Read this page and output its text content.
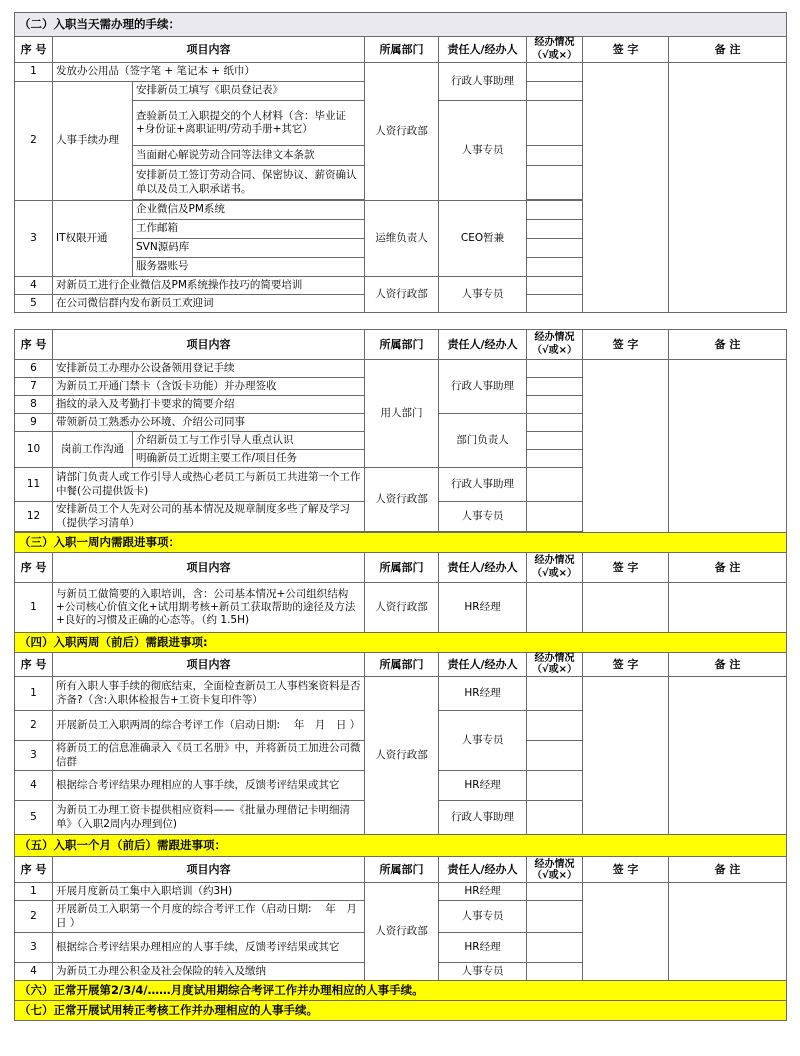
（二）入职当天需办理的手续：							
序 号	项目内容		所属部门	责任人/经办人	经办情况
（√或×）	签 字	备 注
1	发放办公用品（签字笔 + 笔记本 + 纸巾）		人资行政部	行政人事助理			
2	人事手续办理	安排新员工填写《职员登记表》					
		查验新员工入职提交的个人材料（含：毕业证+身份证+离职证明/劳动手册+其它）		人事专员			
		当面耐心解说劳动合同等法律文本条款					
		安排新员工签订劳动合同、保密协议、薪资确认单以及员工入职承诺书。					

3	IT权限开通	企业微信及PM系统	运维负责人	CEO暂兼			
		工作邮箱					
		SVN源码库					
		服务器账号					
4	对新员工进行企业微信及PM系统操作技巧的简要培训		人资行政部	人事专员			
5	在公司微信群内发布新员工欢迎词						
序 号	项目内容		所属部门	责任人/经办人	经办情况
（√或×）	签 字	备 注
6	安排新员工办理办公设备领用登记手续		用人部门	行政人事助理			
7	为新员工开通门禁卡（含饭卡功能）并办理签收						
8	指纹的录入及考勤打卡要求的简要介绍						
9	带领新员工熟悉办公环境、介绍公司同事			部门负责人			
10	岗前工作沟通	介绍新员工与工作引导人重点认识					
		明确新员工近期主要工作/项目任务					
11	请部门负责人或工作引导人或热心老员工与新员工共进第一个工作中餐(公司提供饭卡)		人资行政部	行政人事助理			
12	安排新员工个人先对公司的基本情况及规章制度多些了解及学习（提供学习清单）			人事专员			

（三）入职一周内需跟进事项：							
序 号	项目内容		所属部门	责任人/经办人	经办情况
（√或×）	签 字	备 注
1	与新员工做简要的入职培训，含：公司基本情况+公司组织结构+公司核心价值文化+试用期考核+新员工获取帮助的途径及方法+良好的习惯及正确的心态等。（约 1.5H)		人资行政部	HR经理			
（四）入职两周（前后）需跟进事项:							
序 号	项目内容		所属部门	责任人/经办人	经办情况
（√或×）	签 字	备 注
1	所有入职人事手续的彻底结束，全面检查新员工人事档案资料是否齐备?（含:入职体检报告+工资卡复印件等）		人资行政部	HR经理			
2	开展新员工入职两周的综合考评工作（启动日期:　 年　月　日 ）			人事专员			
3	将新员工的信息准确录入《员工名册》中，并将新员工加进公司微信群						
4	根据综合考评结果办理相应的人事手续，反馈考评结果或其它			HR经理			
5	为新员工办理工资卡提供相应资料——《批量办理借记卡明细清单》（入职2周内办理到位)			行政人事助理			
（五）入职一个月（前后）需跟进事项：							
序 号	项目内容		所属部门	责任人/经办人	经办情况
（√或×）	签 字	备 注
1	开展月度新员工集中入职培训（约3H)		人资行政部	HR经理			
2	开展新员工入职第一个月度的综合考评工作（启动日期:　 年　月　日 ）			人事专员			
3	根据综合考评结果办理相应的人事手续，反馈考评结果或其它			HR经理			
4	为新员工办理公积金及社会保险的转入及缴纳			人事专员			
（六）正常开展第2/3/4/……月度试用期综合考评工作并办理相应的人事手续。							
（七）正常开展试用转正考核工作并办理相应的人事手续。							
